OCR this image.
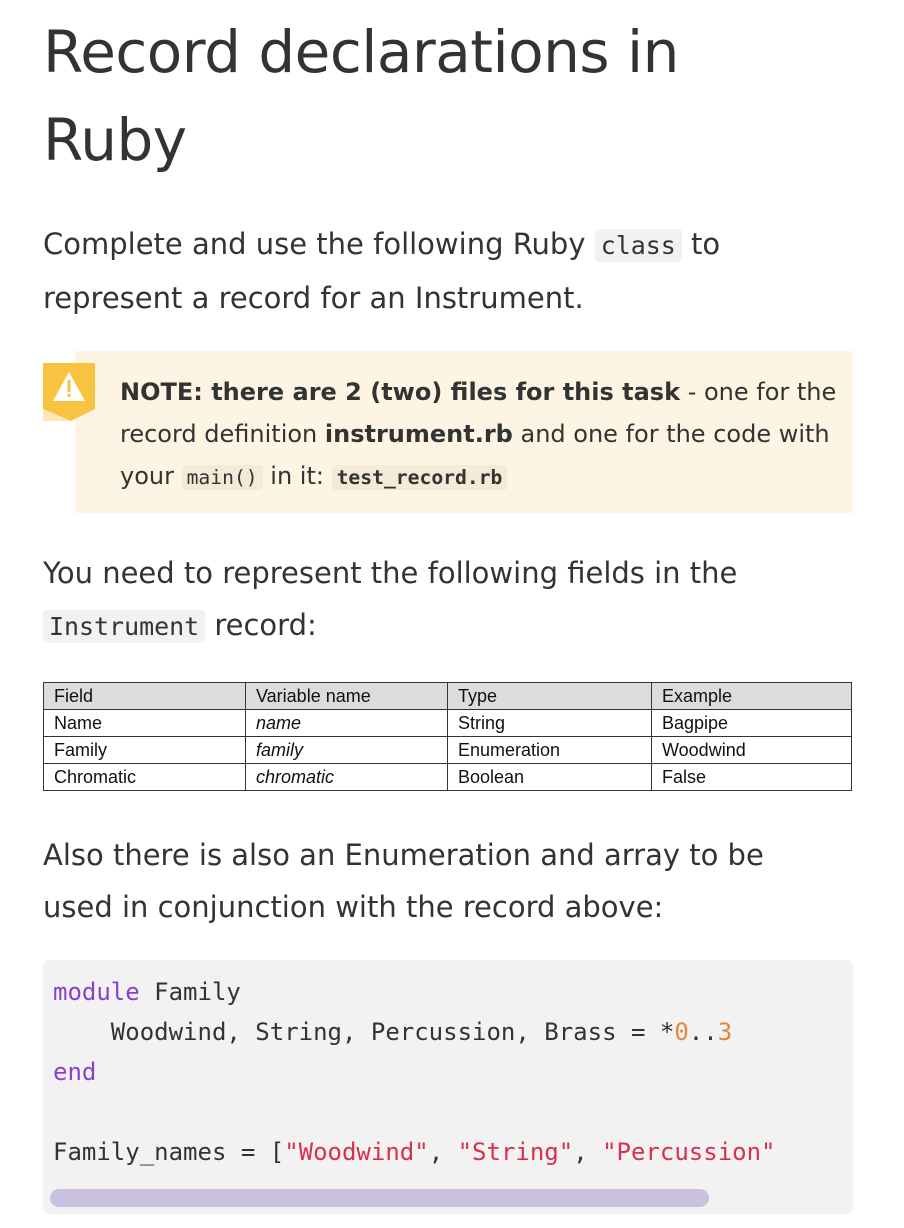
Record declarations in Ruby

Complete and use the following Ruby class to represent a record for an Instrument.

NOTE: there are 2 (two) files for this task - one for the record definition instrument.rb and one for the code with your main() in it: test_record.rb

You need to represent the following fields in the Instrument record:

Field	Variable name	Type	Example
Name	name	String	Bagpipe
Family	family	Enumeration	Woodwind
Chromatic	chromatic	Boolean	False

Also there is also an Enumeration and array to be used in conjunction with the record above:

module Family
Woodwind, String, Percussion, Brass = *0..3
end

Family_names = ["Woodwind", "String", "Percussion"
